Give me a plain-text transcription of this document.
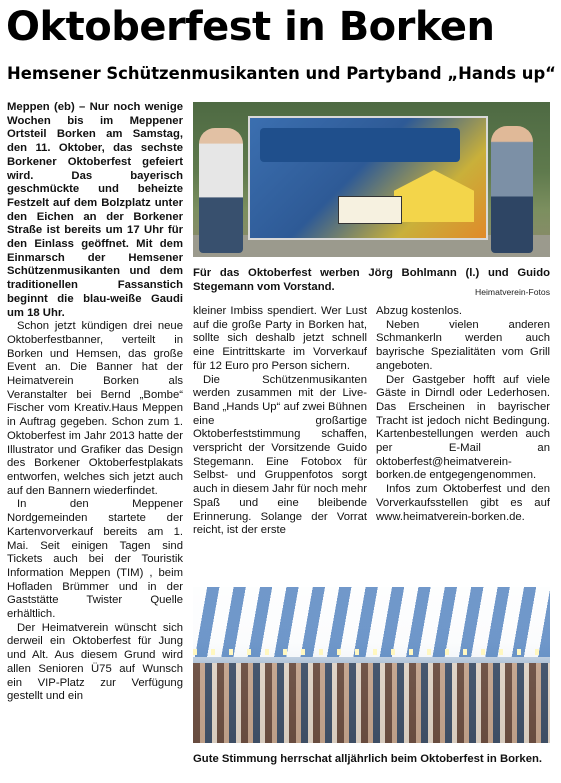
Oktoberfest in Borken
Hemsener Schützenmusikanten und Partyband „Hands up“

Meppen (eb) – Nur noch wenige Wochen bis im Meppener Ortsteil Borken am Samstag, den 11. Oktober, das sechste Borkener Oktoberfest gefeiert wird. Das bayerisch geschmückte und beheizte Festzelt auf dem Bolzplatz unter den Eichen an der Borkener Straße ist bereits um 17 Uhr für den Einlass geöffnet. Mit dem Einmarsch der Hemsener Schützenmusikanten und dem traditionellen Fassanstich beginnt die blau-weiße Gaudi um 18 Uhr.

Schon jetzt kündigen drei neue Oktoberfestbanner, verteilt in Borken und Hemsen, das große Event an. Die Banner hat der Heimatverein Borken als Veranstalter bei Bernd „Bombe“ Fischer vom Kreativ.Haus Meppen in Auftrag gegeben. Schon zum 1. Oktoberfest im Jahr 2013 hatte der Illustrator und Grafiker das Design des Borkener Oktoberfestplakats entworfen, welches sich jetzt auch auf den Bannern wiederfindet.

In den Meppener Nordgemeinden startete der Kartenvorverkauf bereits am 1. Mai. Seit einigen Tagen sind Tickets auch bei der Touristik Information Meppen (TIM) , beim Hofladen Brümmer und in der Gaststätte Twister Quelle erhältlich.

Der Heimatverein wünscht sich derweil ein Oktoberfest für Jung und Alt. Aus diesem Grund wird allen Senioren Ü75 auf Wunsch ein VIP-Platz zur Verfügung gestellt und ein

Für das Oktoberfest werben Jörg Bohlmann (l.) und Guido Stegemann vom Vorstand.	Heimatverein-Fotos

kleiner Imbiss spendiert. Wer Lust auf die große Party in Borken hat, sollte sich deshalb jetzt schnell eine Eintrittskarte im Vorverkauf für 12 Euro pro Person sichern.

Die Schützenmusikanten werden zusammen mit der Live-Band „Hands Up“ auf zwei Bühnen eine großartige Oktoberfeststimmung schaffen, verspricht der Vorsitzende Guido Stegemann. Eine Fotobox für Selbst- und Gruppenfotos sorgt auch in diesem Jahr für noch mehr Spaß und eine bleibende Erinnerung. Solange der Vorrat reicht, ist der erste

Abzug kostenlos.

Neben vielen anderen Schmankerln werden auch bayrische Spezialitäten vom Grill angeboten.

Der Gastgeber hofft auf viele Gäste in Dirndl oder Lederhosen. Das Erscheinen in bayrischer Tracht ist jedoch nicht Bedingung. Kartenbestellungen werden auch per E-Mail an oktoberfest@heimatverein-borken.de entgegengenommen.

Infos zum Oktoberfest und den Vorverkaufsstellen gibt es auf www.heimatverein-borken.de.

Gute Stimmung herrschat alljährlich beim Oktoberfest in Borken.
